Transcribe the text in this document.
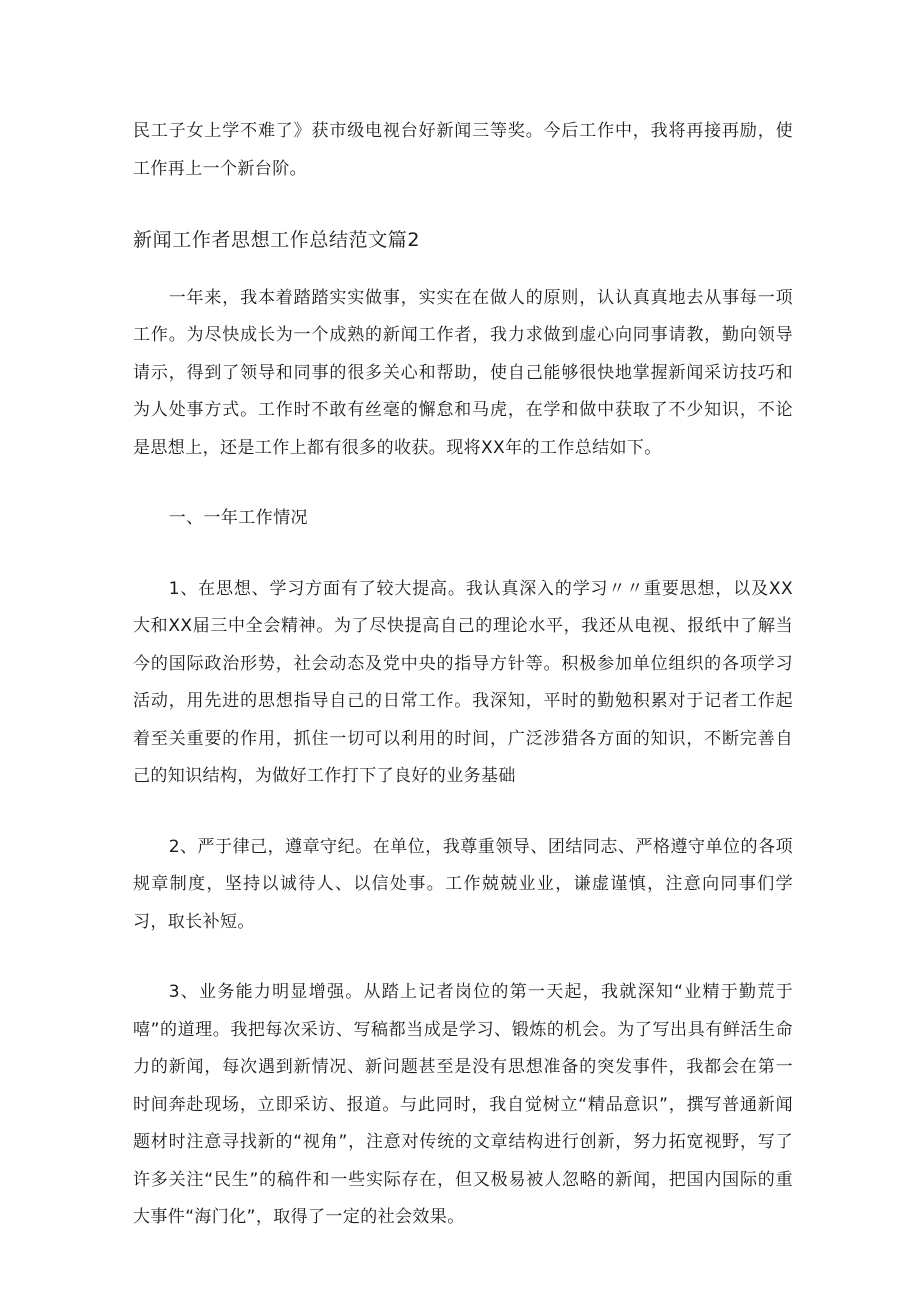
民工子女上学不难了》获市级电视台好新闻三等奖。今后工作中，我将再接再励，使工作再上一个新台阶。

新闻工作者思想工作总结范文篇2

一年来，我本着踏踏实实做事，实实在在做人的原则，认认真真地去从事每一项工作。为尽快成长为一个成熟的新闻工作者，我力求做到虚心向同事请教，勤向领导请示，得到了领导和同事的很多关心和帮助，使自己能够很快地掌握新闻采访技巧和为人处事方式。工作时不敢有丝毫的懈怠和马虎，在学和做中获取了不少知识，不论是思想上，还是工作上都有很多的收获。现将XX年的工作总结如下。

一、一年工作情况

1、在思想、学习方面有了较大提高。我认真深入的学习〃〃重要思想，以及XX大和XX届三中全会精神。为了尽快提高自己的理论水平，我还从电视、报纸中了解当今的国际政治形势，社会动态及党中央的指导方针等。积极参加单位组织的各项学习活动，用先进的思想指导自己的日常工作。我深知，平时的勤勉积累对于记者工作起着至关重要的作用，抓住一切可以利用的时间，广泛涉猎各方面的知识，不断完善自己的知识结构，为做好工作打下了良好的业务基础

2、严于律己，遵章守纪。在单位，我尊重领导、团结同志、严格遵守单位的各项规章制度，坚持以诚待人、以信处事。工作兢兢业业，谦虚谨慎，注意向同事们学习，取长补短。

3、业务能力明显增强。从踏上记者岗位的第一天起，我就深知“业精于勤荒于嘻”的道理。我把每次采访、写稿都当成是学习、锻炼的机会。为了写出具有鲜活生命力的新闻，每次遇到新情况、新问题甚至是没有思想准备的突发事件，我都会在第一时间奔赴现场，立即采访、报道。与此同时，我自觉树立“精品意识”，撰写普通新闻题材时注意寻找新的“视角”，注意对传统的文章结构进行创新，努力拓宽视野，写了许多关注“民生”的稿件和一些实际存在，但又极易被人忽略的新闻，把国内国际的重大事件“海门化”，取得了一定的社会效果。
